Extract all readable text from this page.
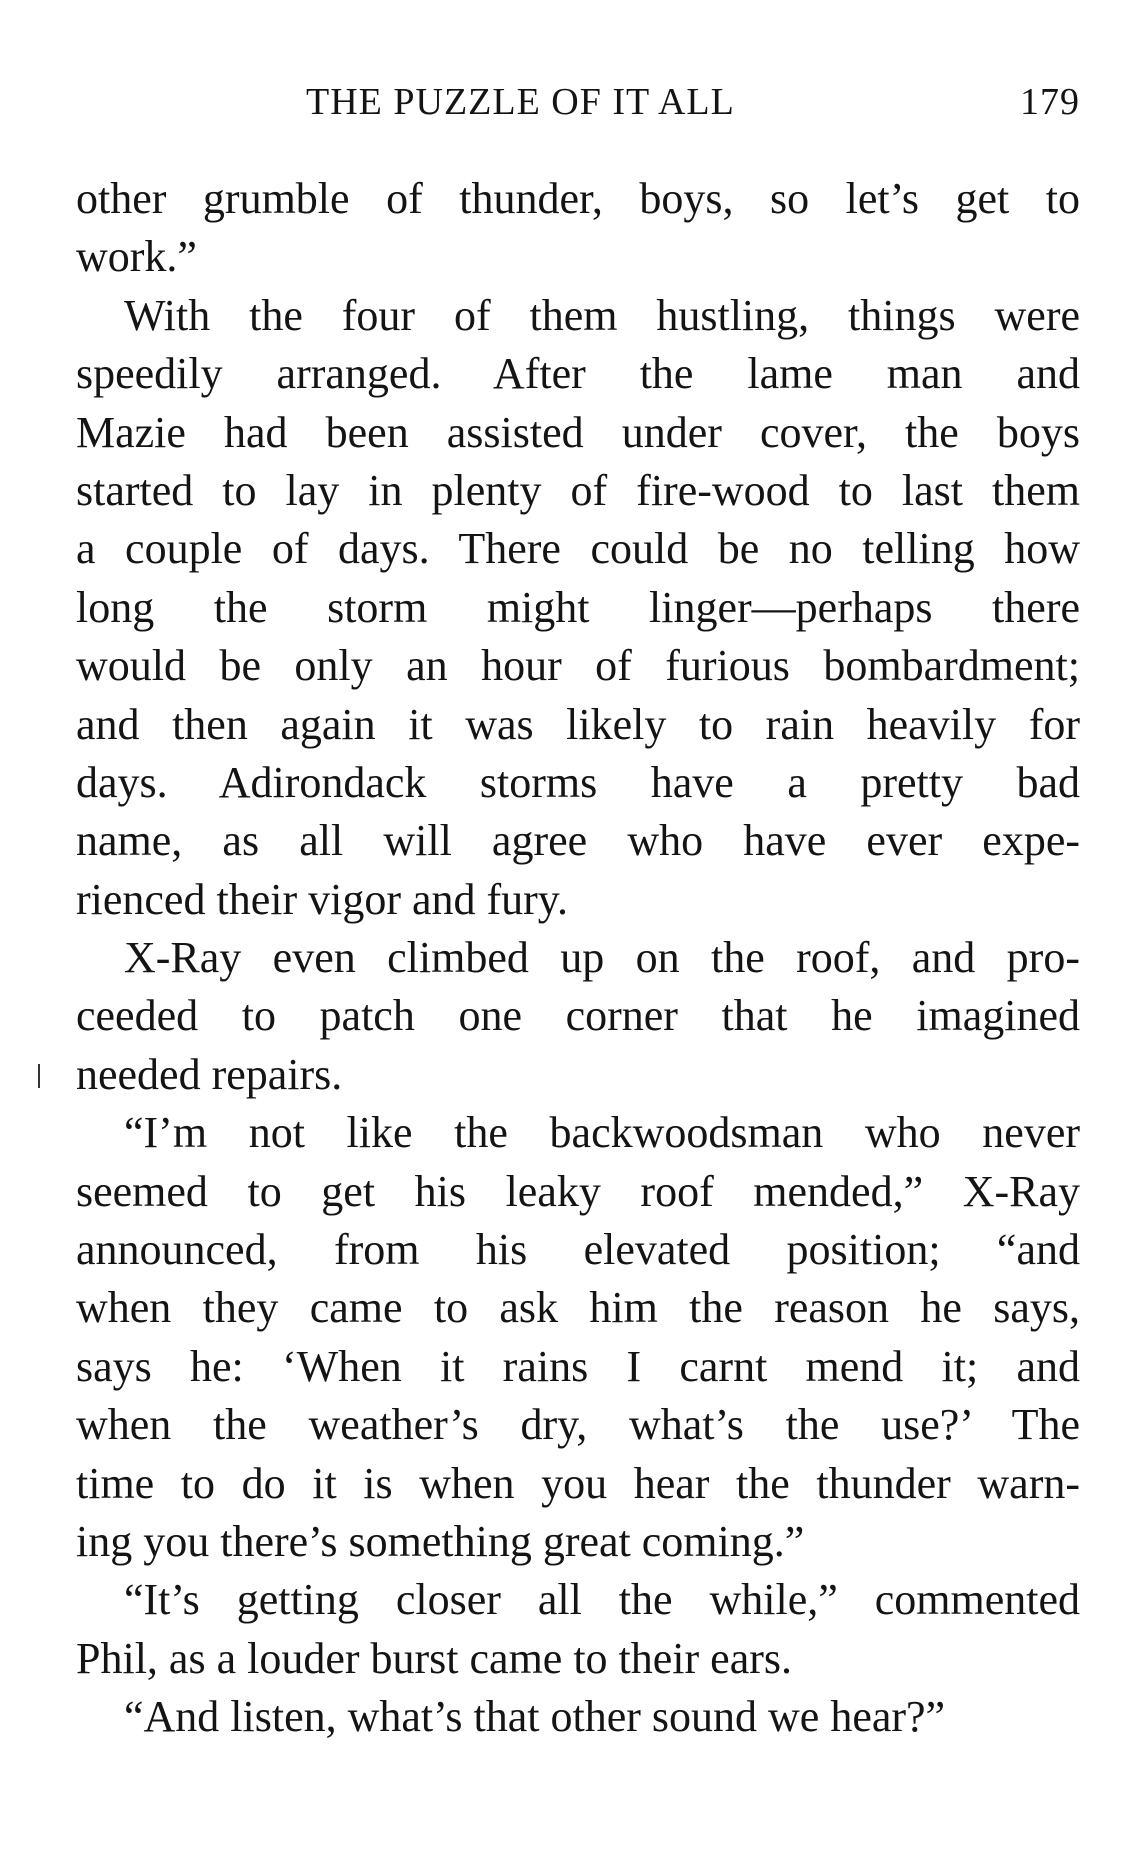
THE PUZZLE OF IT ALL	179
other grumble of thunder, boys, so let’s get to
work.”
With the four of them hustling, things were
speedily arranged. After the lame man and
Mazie had been assisted under cover, the boys
started to lay in plenty of fire-wood to last them
a couple of days. There could be no telling how
long the storm might linger—perhaps there
would be only an hour of furious bombardment;
and then again it was likely to rain heavily for
days. Adirondack storms have a pretty bad
name, as all will agree who have ever expe-
rienced their vigor and fury.
X-Ray even climbed up on the roof, and pro-
ceeded to patch one corner that he imagined
needed repairs.
“I’m not like the backwoodsman who never
seemed to get his leaky roof mended,” X-Ray
announced, from his elevated position; “and
when they came to ask him the reason he says,
says he: ‘When it rains I carnt mend it; and
when the weather’s dry, what’s the use?’ The
time to do it is when you hear the thunder warn-
ing you there’s something great coming.”
“It’s getting closer all the while,” commented
Phil, as a louder burst came to their ears.
“And listen, what’s that other sound we hear?”
